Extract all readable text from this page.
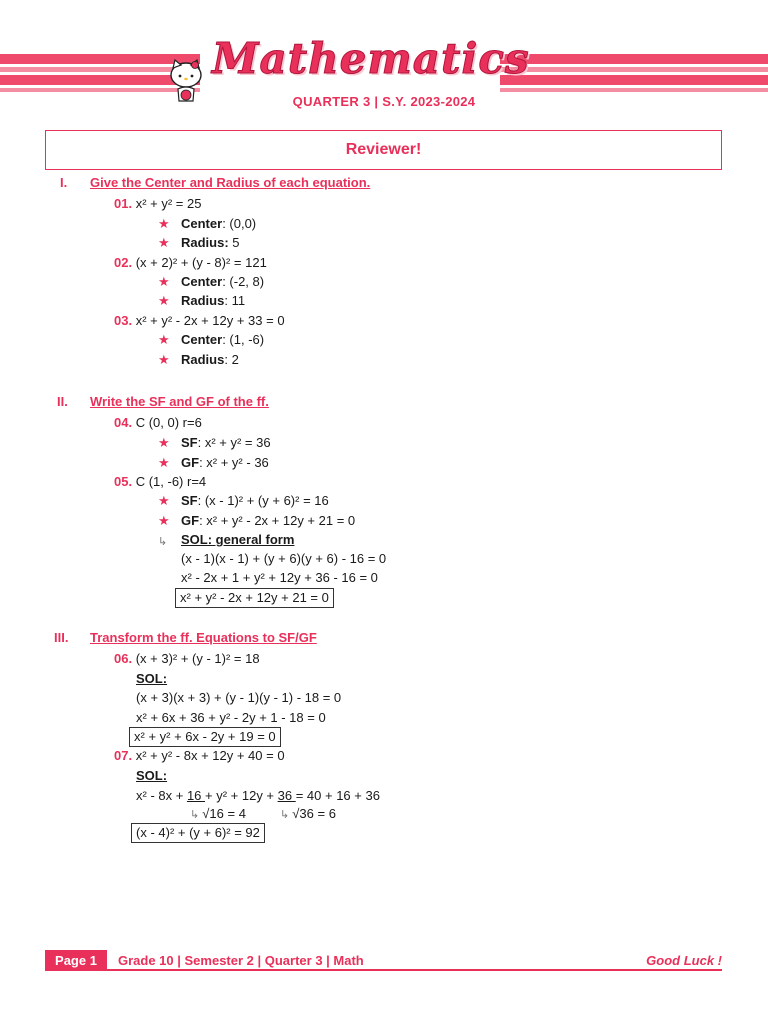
Mathematics
QUARTER 3 | S.Y. 2023-2024
Reviewer!
I. Give the Center and Radius of each equation.
01. x² + y² = 25
★ Center: (0,0)
★ Radius: 5
02. (x + 2)² + (y - 8)² = 121
★ Center: (-2, 8)
★ Radius: 11
03. x² + y² - 2x + 12y + 33 = 0
★ Center: (1, -6)
★ Radius: 2
II. Write the SF and GF of the ff.
04. C (0, 0) r=6
★ SF: x² + y² = 36
★ GF: x² + y² - 36
05. C (1, -6) r=4
★ SF: (x - 1)² + (y + 6)² = 16
★ GF: x² + y² - 2x + 12y + 21 = 0
↳ SOL: general form
(x - 1)(x - 1) + (y + 6)(y + 6) - 16 = 0
x² - 2x + 1 + y² + 12y + 36 - 16 = 0
x² + y² - 2x + 12y + 21 = 0
III. Transform the ff. Equations to SF/GF
06. (x + 3)² + (y - 1)² = 18
SOL:
(x + 3)(x + 3) + (y - 1)(y - 1) - 18 = 0
x² + 6x + 36 + y² - 2y + 1 - 18 = 0
x² + y² + 6x - 2y + 19 = 0
07. x² + y² - 8x + 12y + 40 = 0
SOL:
x² - 8x + 16 + y² + 12y + 36 = 40 + 16 + 36
↳ √16 = 4	↳ √36 = 6
(x - 4)² + (y + 6)² = 92
Page 1	Grade 10 | Semester 2 | Quarter 3 | Math	Good Luck !
